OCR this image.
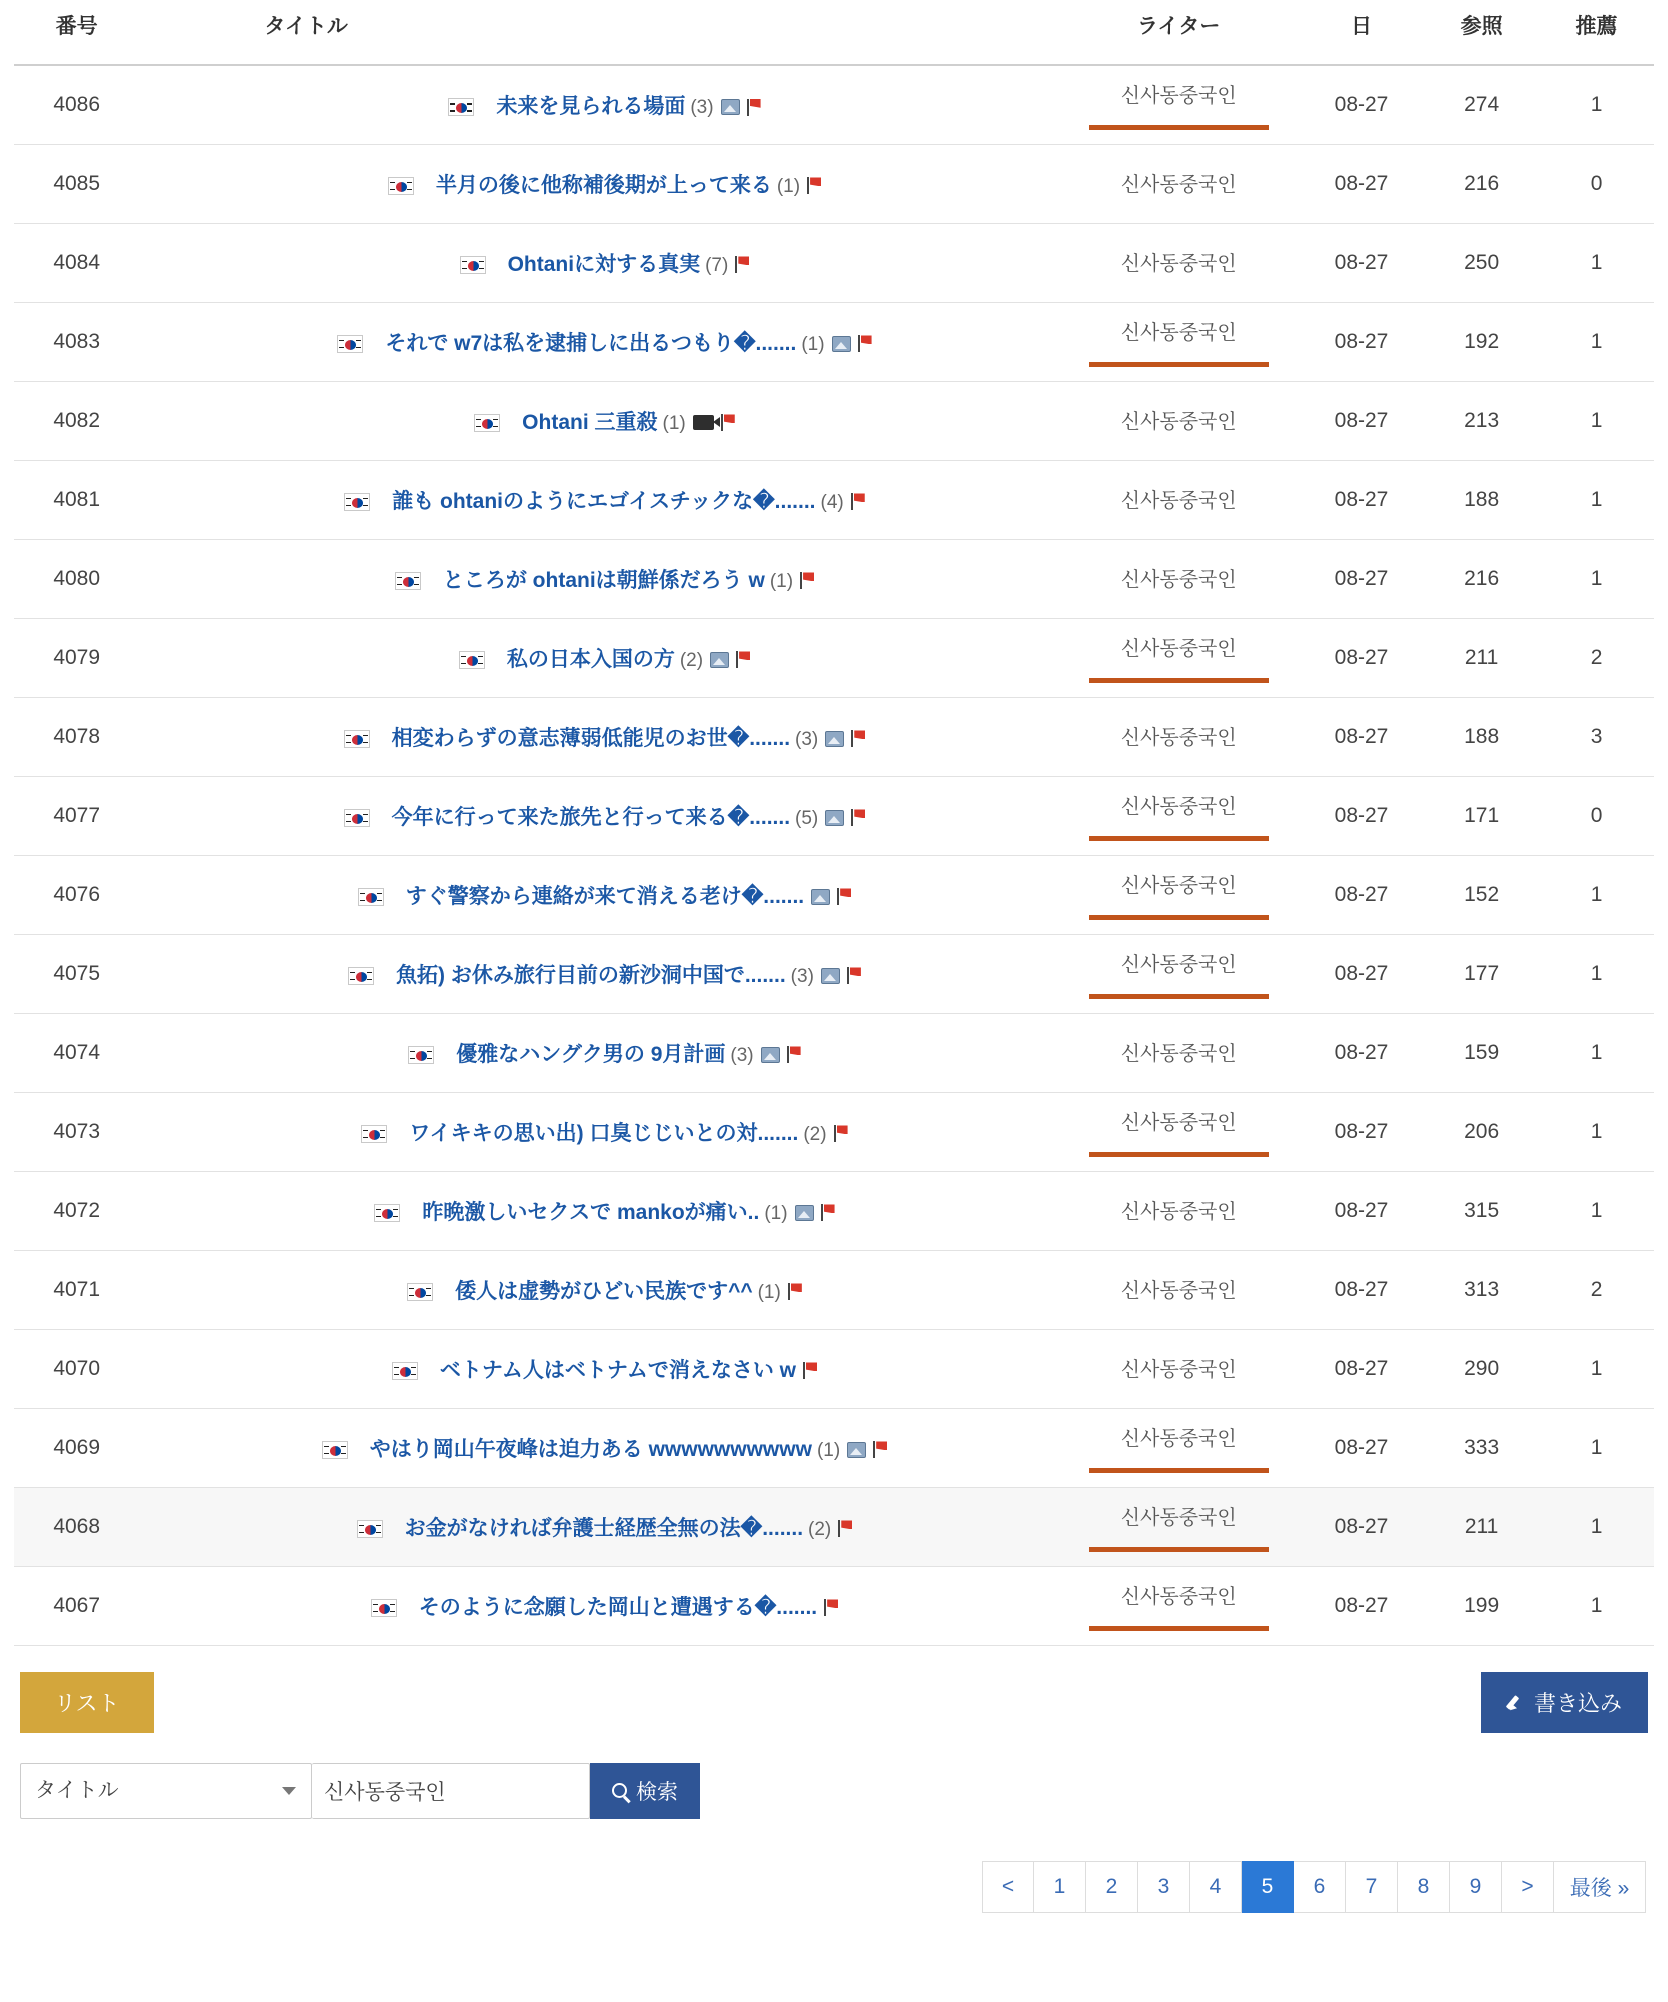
番号	タイトル	ライター	日	参照	推薦
4086	未来を見られる場面 (3)	신사동중국인	08-27	274	1
4085	半月の後に他称補後期が上って来る (1)	신사동중국인	08-27	216	0
4084	Ohtaniに対する真実 (7)	신사동중국인	08-27	250	1
4083	それで w7は私を逮捕しに出るつもり�....... (1)	신사동중국인	08-27	192	1
4082	Ohtani 三重殺 (1)	신사동중국인	08-27	213	1
4081	誰も ohtaniのようにエゴイスチックな�....... (4)	신사동중국인	08-27	188	1
4080	ところが ohtaniは朝鮮係だろう w (1)	신사동중국인	08-27	216	1
4079	私の日本入国の方 (2)	신사동중국인	08-27	211	2
4078	相変わらずの意志薄弱低能児のお世�....... (3)	신사동중국인	08-27	188	3
4077	今年に行って来た旅先と行って来る�....... (5)	신사동중국인	08-27	171	0
4076	すぐ警察から連絡が来て消える老け�.......	신사동중국인	08-27	152	1
4075	魚拓) お休み旅行目前の新沙洞中国で....... (3)	신사동중국인	08-27	177	1
4074	優雅なハングク男の 9月計画 (3)	신사동중국인	08-27	159	1
4073	ワイキキの思い出) 口臭じじいとの対....... (2)	신사동중국인	08-27	206	1
4072	昨晩激しいセクスで mankoが痛い.. (1)	신사동중국인	08-27	315	1
4071	倭人は虚勢がひどい民族です^^ (1)	신사동중국인	08-27	313	2
4070	ベトナム人はベトナムで消えなさい w	신사동중국인	08-27	290	1
4069	やはり岡山午夜峰は迫力ある wwwwwwwwww (1)	신사동중국인	08-27	333	1
4068	お金がなければ弁護士経歴全無の法�....... (2)	신사동중국인	08-27	211	1
4067	そのように念願した岡山と遭遇する�.......	신사동중국인	08-27	199	1
リスト	書き込み
タイトル
신사동중국인
検索
<	1	2	3	4	5	6	7	8	9	>	最後 »
